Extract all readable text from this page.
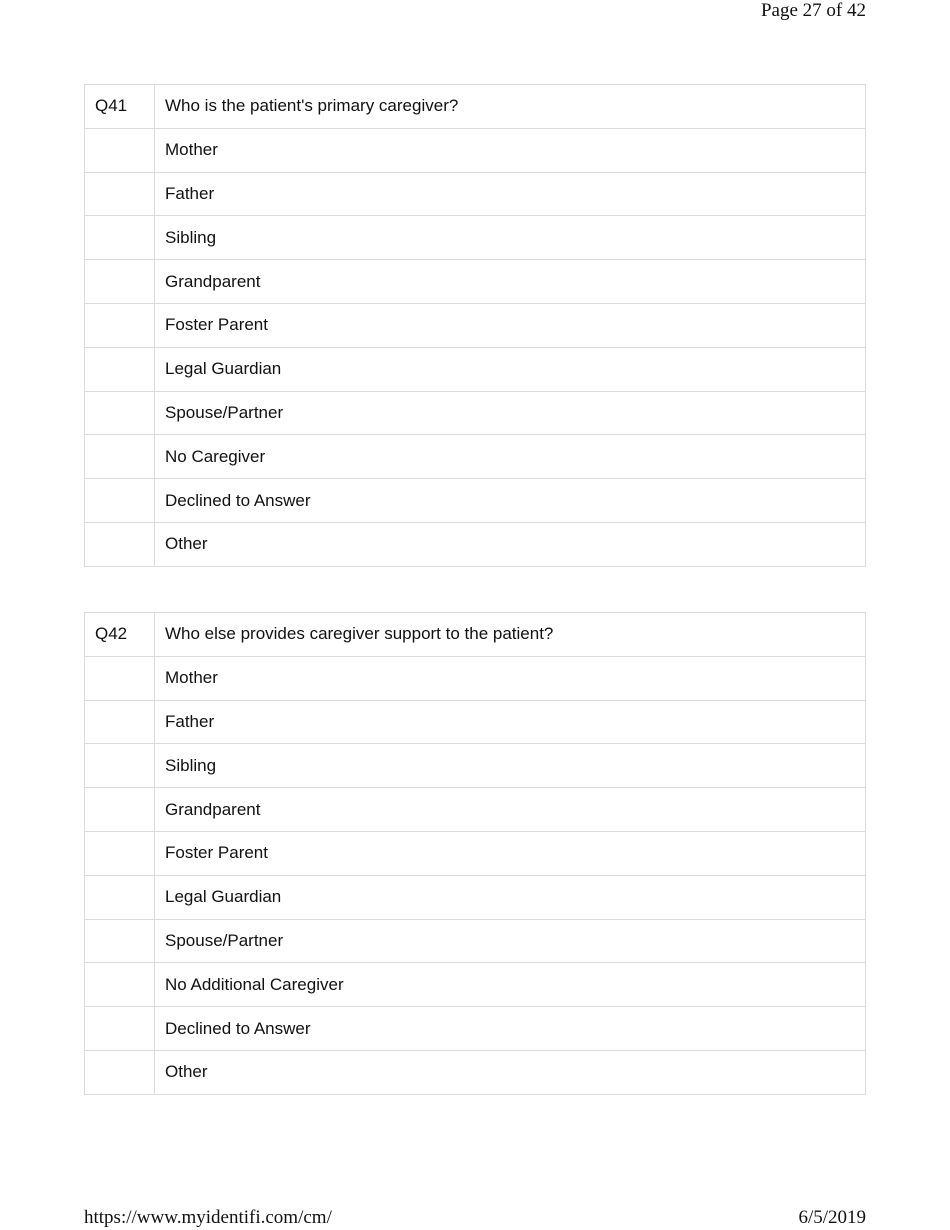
Page 27 of 42
Q41	Who is the patient's primary caregiver?
	Mother
	Father
	Sibling
	Grandparent
	Foster Parent
	Legal Guardian
	Spouse/Partner
	No Caregiver
	Declined to Answer
	Other
Q42	Who else provides caregiver support to the patient?
	Mother
	Father
	Sibling
	Grandparent
	Foster Parent
	Legal Guardian
	Spouse/Partner
	No Additional Caregiver
	Declined to Answer
	Other
https://www.myidentifi.com/cm/	6/5/2019
